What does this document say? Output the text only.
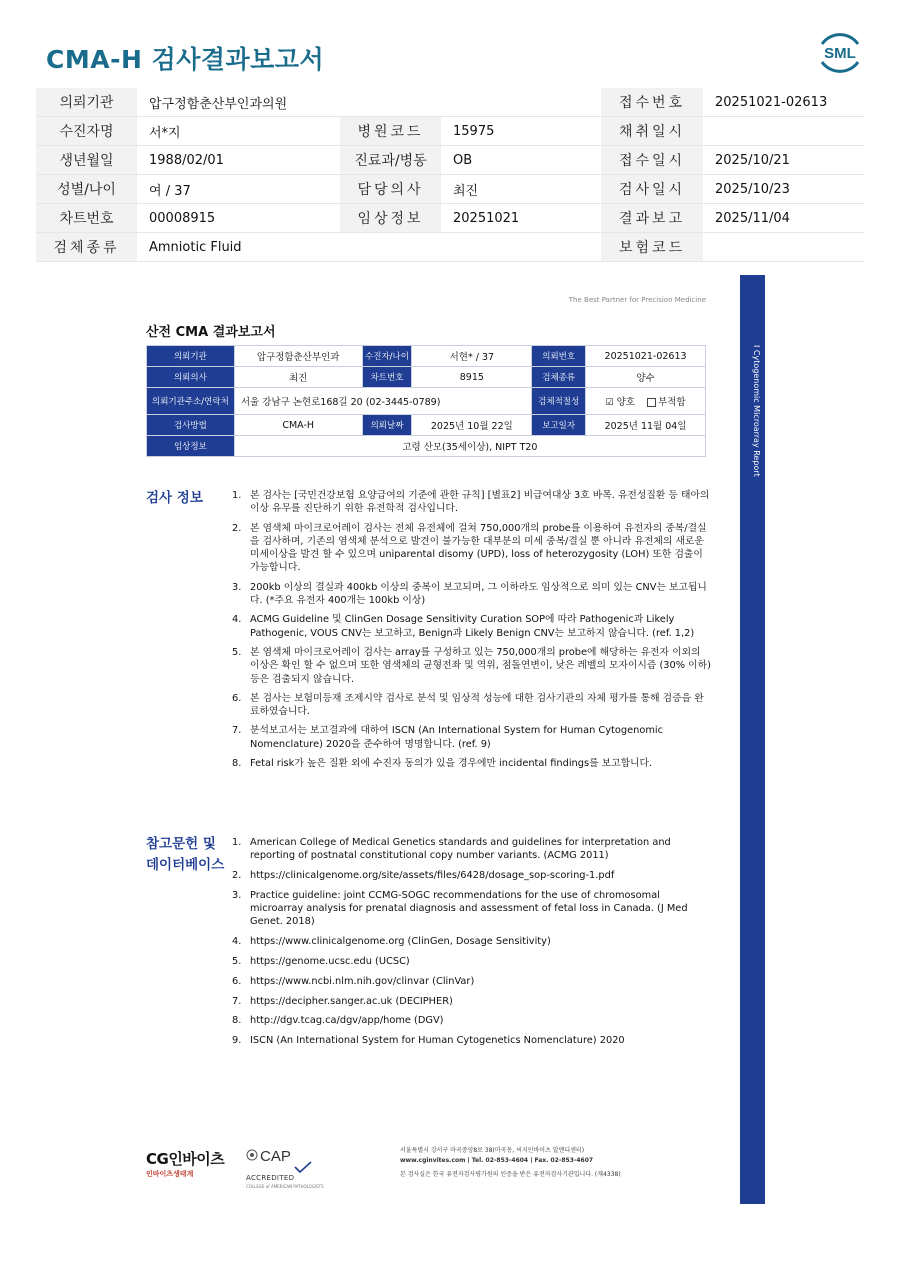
CMA-H 검사결과보고서	SML
의뢰기관	압구정함춘산부인과의원			접수번호	20251021-02613
수진자명	서*지	병원코드	15975	채취일시	
생년월일	1988/02/01	진료과/병동	OB	접수일시	2025/10/21
성별/나이	여 / 37	담당의사	최진	검사일시	2025/10/23
차트번호	00008915	임상정보	20251021	결과보고	2025/11/04
검체종류	Amniotic Fluid			보험코드	
I Cytogenomic Microarray Report
The Best Partner for Precision Medicine
산전 CMA 결과보고서
의뢰기관	압구정함춘산부인과	수진자/나이	서현* / 37	의뢰번호	20251021-02613
의뢰의사	최진	차트번호	8915	검체종류	양수
의뢰기관주소/연락처	서울 강남구 논현로168길 20 (02-3445-0789)			검체적절성	☑ 양호 부적합
검사방법	CMA-H	의뢰날짜	2025년 10월 22일	보고일자	2025년 11월 04일
임상정보	고령 산모(35세이상), NIPT T20				
검사 정보	1. 본 검사는 [국민건강보험 요양급여의 기준에 관한 규칙] [별표2] 비급여대상 3호 바목. 유전성질환 등 태아의 이상 유무를 진단하기 위한 유전학적 검사입니다.
2. 본 염색체 마이크로어레이 검사는 전체 유전체에 걸쳐 750,000개의 probe를 이용하여 유전자의 중복/결실을 검사하며, 기존의 염색체 분석으로 발견이 불가능한 대부분의 미세 중복/결실 뿐 아니라 유전체의 새로운 미세이상을 발견 할 수 있으며 uniparental disomy (UPD), loss of heterozygosity (LOH) 또한 검출이 가능합니다.
3. 200kb 이상의 결실과 400kb 이상의 중복이 보고되며, 그 이하라도 임상적으로 의미 있는 CNV는 보고됩니다. (*주요 유전자 400개는 100kb 이상)
4. ACMG Guideline 및 ClinGen Dosage Sensitivity Curation SOP에 따라 Pathogenic과 Likely Pathogenic, VOUS CNV는 보고하고, Benign과 Likely Benign CNV는 보고하지 않습니다. (ref. 1,2)
5. 본 염색체 마이크로어레이 검사는 array를 구성하고 있는 750,000개의 probe에 해당하는 유전자 이외의 이상은 확인 할 수 없으며 또한 염색체의 균형전좌 및 역위, 점돌연변이, 낮은 레벨의 모자이시즘 (30% 이하) 등은 검출되지 않습니다.
6. 본 검사는 보험미등재 조제시약 검사로 분석 및 임상적 성능에 대한 검사기관의 자체 평가를 통해 검증을 완료하였습니다.
7. 분석보고서는 보고결과에 대하여 ISCN (An International System for Human Cytogenomic Nomenclature) 2020을 준수하여 명명합니다. (ref. 9)
8. Fetal risk가 높은 질환 외에 수진자 동의가 있을 경우에만 incidental findings를 보고합니다.
참고문헌 및
데이터베이스
1. American College of Medical Genetics standards and guidelines for interpretation and reporting of postnatal constitutional copy number variants. (ACMG 2011)
2. https://clinicalgenome.org/site/assets/files/6428/dosage_sop-scoring-1.pdf
3. Practice guideline: joint CCMG-SOGC recommendations for the use of chromosomal microarray analysis for prenatal diagnosis and assessment of fetal loss in Canada. (J Med Genet. 2018)
4. https://www.clinicalgenome.org (ClinGen, Dosage Sensitivity)
5. https://genome.ucsc.edu (UCSC)
6. https://www.ncbi.nlm.nih.gov/clinvar (ClinVar)
7. https://decipher.sanger.ac.uk (DECIPHER)
8. http://dgv.tcag.ca/dgv/app/home (DGV)
9. ISCN (An International System for Human Cytogenetics Nomenclature) 2020
CG인바이츠
인바이츠생태계
CAP
ACCREDITED
COLLEGE of AMERICAN PATHOLOGISTS
서울특별시 강서구 마곡중앙8로 38(마곡동, 씨지인바이츠 알앤디센터)
www.cginvites.com | Tel. 02-853-4604 | Fax. 02-853-4607
본 검사실은 한국 유전자검사평가원의 인증을 받은 유전자검사기관입니다. (제4338)
